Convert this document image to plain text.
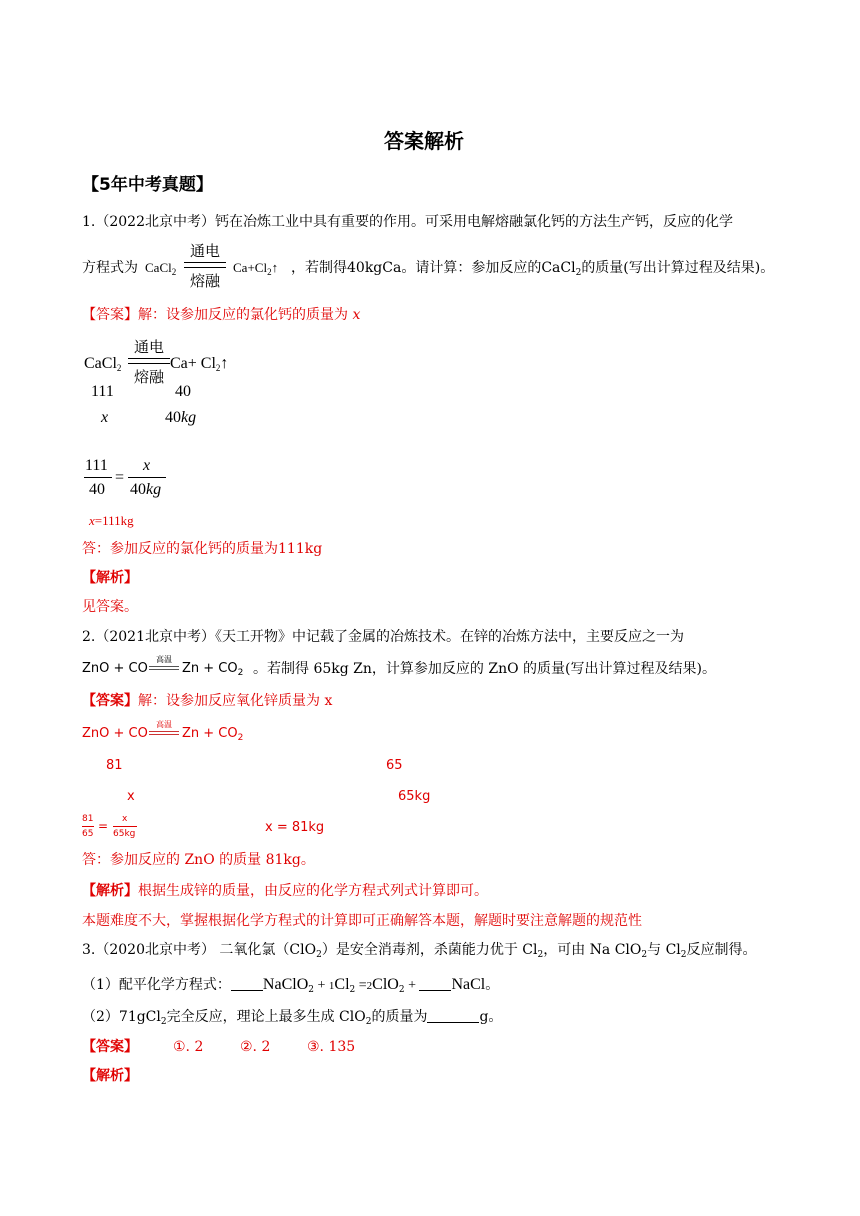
答案解析
【5年中考真题】
1.（2022北京中考）钙在冶炼工业中具有重要的作用。可采用电解熔融氯化钙的方法生产钙，反应的化学
方程式为 CaCl$_2$
通电
熔融
$Ca+Cl_2↑$ ，若制得40kgCa。请计算：参加反应的CaCl$_2$的质量(写出计算过程及结果)。
【答案】解：设参加反应的氯化钙的质量为 x
CaCl$_2$
通电
熔融
$Ca+ Cl_2↑$
111	40
x	40kg
111
40
=
x
40kg
x=111kg
答：参加反应的氯化钙的质量为111kg
【解析】
见答案。
2.（2021北京中考）《天工开物》中记载了金属的冶炼技术。在锌的冶炼方法中，主要反应之一为
ZnO + CO
高温
$Zn + CO_2$ 。若制得 65kg Zn，计算参加反应的 ZnO 的质量(写出计算过程及结果)。
【答案】解：设参加反应氧化锌质量为 x
ZnO + CO
高温
$Zn + CO_2$
81	65
x	65kg
81
65
= x
65kg	x = 81kg
答：参加反应的 ZnO 的质量 81kg。
【解析】根据生成锌的质量，由反应的化学方程式列式计算即可。
本题难度不大，掌握根据化学方程式的计算即可正确解答本题，解题时要注意解题的规范性
3.（2020北京中考） 二氧化氯（ClO$_2$）是安全消毒剂，杀菌能力优于 $Cl_2$，可由 Na ClO$_2$与 $Cl_2$反应制得。
（1）配平化学方程式： NaClO$_2$ + $1Cl_2 =2ClO_2$ + NaCl。
（2）71gCl$_2$完全反应，理论上最多生成 ClO$_2$的质量为	g。
【答案】	①. 2	②. 2	③. 135
【解析】
